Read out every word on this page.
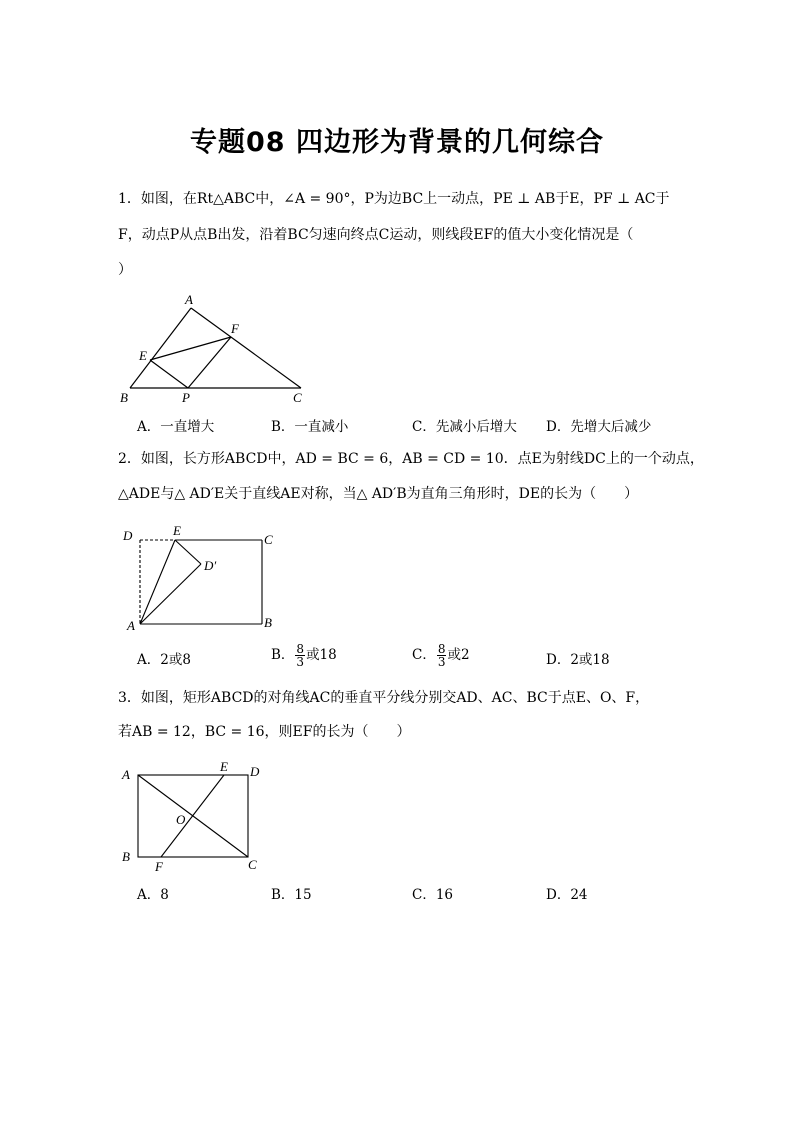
专题08 四边形为背景的几何综合
1．如图，在Rt△ABC中，∠A = 90°，P为边BC上一动点，PE ⊥ AB于E，PF ⊥ AC于
F，动点P从点B出发，沿着BC匀速向终点C运动，则线段EF的值大小变化情况是（
）
A
F
E
B	P	C
A．一直增大	B．一直减小	C．先减小后增大 D．先增大后减少
2．如图，长方形ABCD中，AD = BC = 6，AB = CD = 10．点E为射线DC上的一个动点，
△ADE与△ AD′E关于直线AE对称，当△ AD′B为直角三角形时，DE的长为（　　）
D	E
C
D′
A	B
A．2或8	B． $\frac{8}{3}$ 或18	C． $\frac{8}{3}$ 或2	D．2或18
3．如图，矩形ABCD的对角线AC的垂直平分线分别交AD、AC、BC于点E、O、F，
若AB = 12，BC = 16，则EF的长为（　　）
A
E D
O
B
F	C
A．8	B．15	C．16	D．24
